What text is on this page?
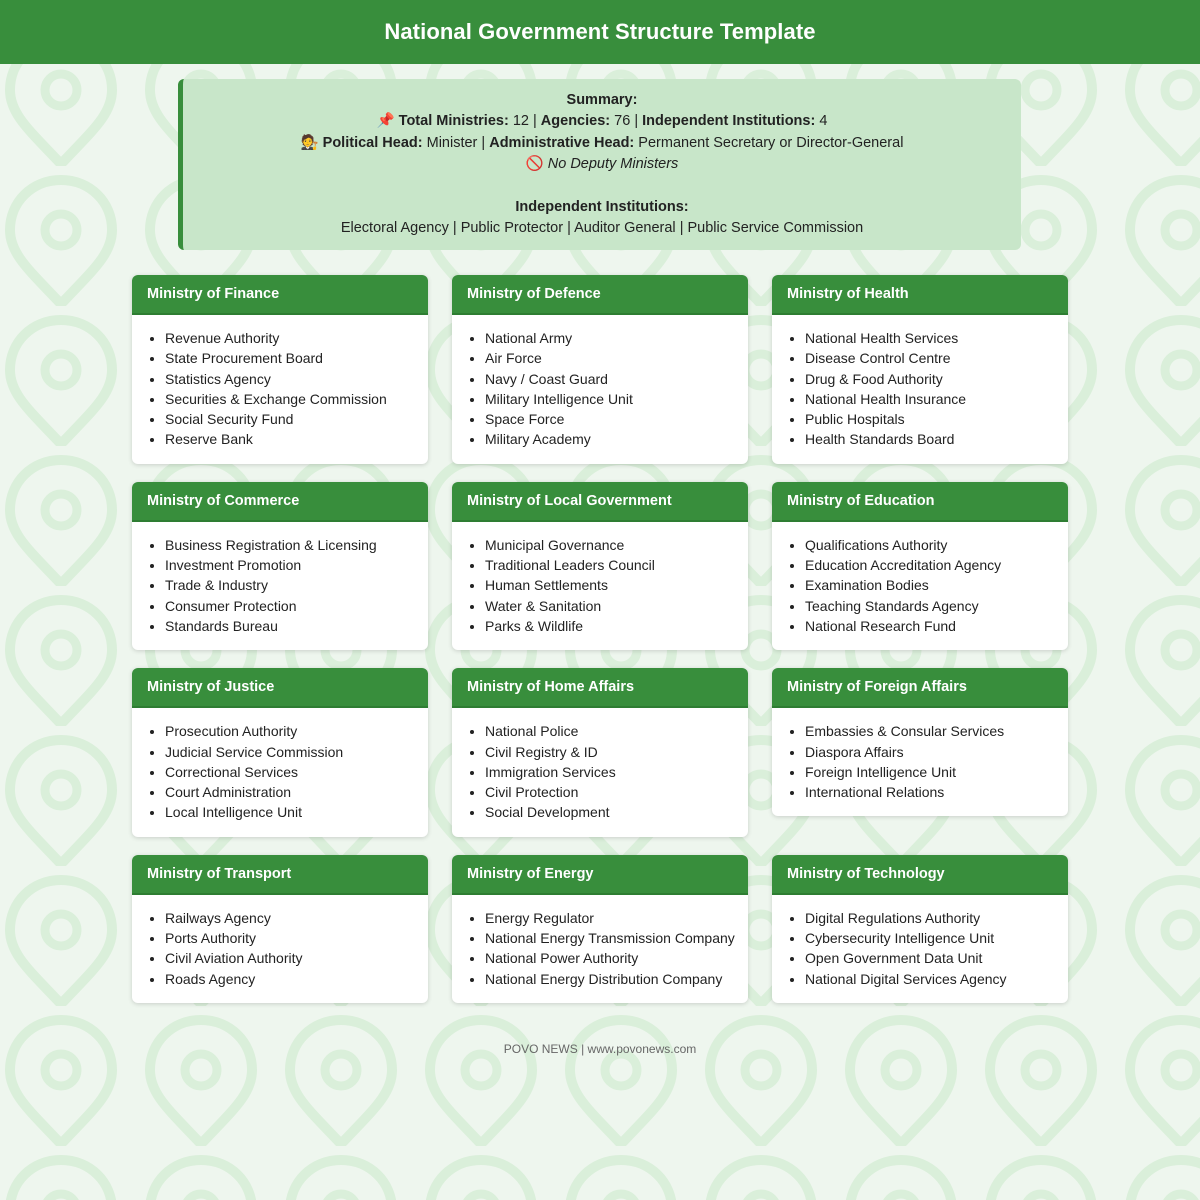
National Government Structure Template
Summary:
📌 Total Ministries: 12 | Agencies: 76 | Independent Institutions: 4
🧑‍⚖️ Political Head: Minister | Administrative Head: Permanent Secretary or Director-General
🚫 No Deputy Ministers
Independent Institutions:
Electoral Agency | Public Protector | Auditor General | Public Service Commission
Ministry of Finance
• Revenue Authority
• State Procurement Board
• Statistics Agency
• Securities & Exchange Commission
• Social Security Fund
• Reserve Bank
Ministry of Defence
• National Army
• Air Force
• Navy / Coast Guard
• Military Intelligence Unit
• Space Force
• Military Academy
Ministry of Health
• National Health Services
• Disease Control Centre
• Drug & Food Authority
• National Health Insurance
• Public Hospitals
• Health Standards Board
Ministry of Commerce
• Business Registration & Licensing
• Investment Promotion
• Trade & Industry
• Consumer Protection
• Standards Bureau
Ministry of Local Government
• Municipal Governance
• Traditional Leaders Council
• Human Settlements
• Water & Sanitation
• Parks & Wildlife
Ministry of Education
• Qualifications Authority
• Education Accreditation Agency
• Examination Bodies
• Teaching Standards Agency
• National Research Fund
Ministry of Justice
• Prosecution Authority
• Judicial Service Commission
• Correctional Services
• Court Administration
• Local Intelligence Unit
Ministry of Home Affairs
• National Police
• Civil Registry & ID
• Immigration Services
• Civil Protection
• Social Development
Ministry of Foreign Affairs
• Embassies & Consular Services
• Diaspora Affairs
• Foreign Intelligence Unit
• International Relations
Ministry of Transport
• Railways Agency
• Ports Authority
• Civil Aviation Authority
• Roads Agency
Ministry of Energy
• Energy Regulator
• National Energy Transmission Company
• National Power Authority
• National Energy Distribution Company
Ministry of Technology
• Digital Regulations Authority
• Cybersecurity Intelligence Unit
• Open Government Data Unit
• National Digital Services Agency
POVO NEWS | www.povonews.com
